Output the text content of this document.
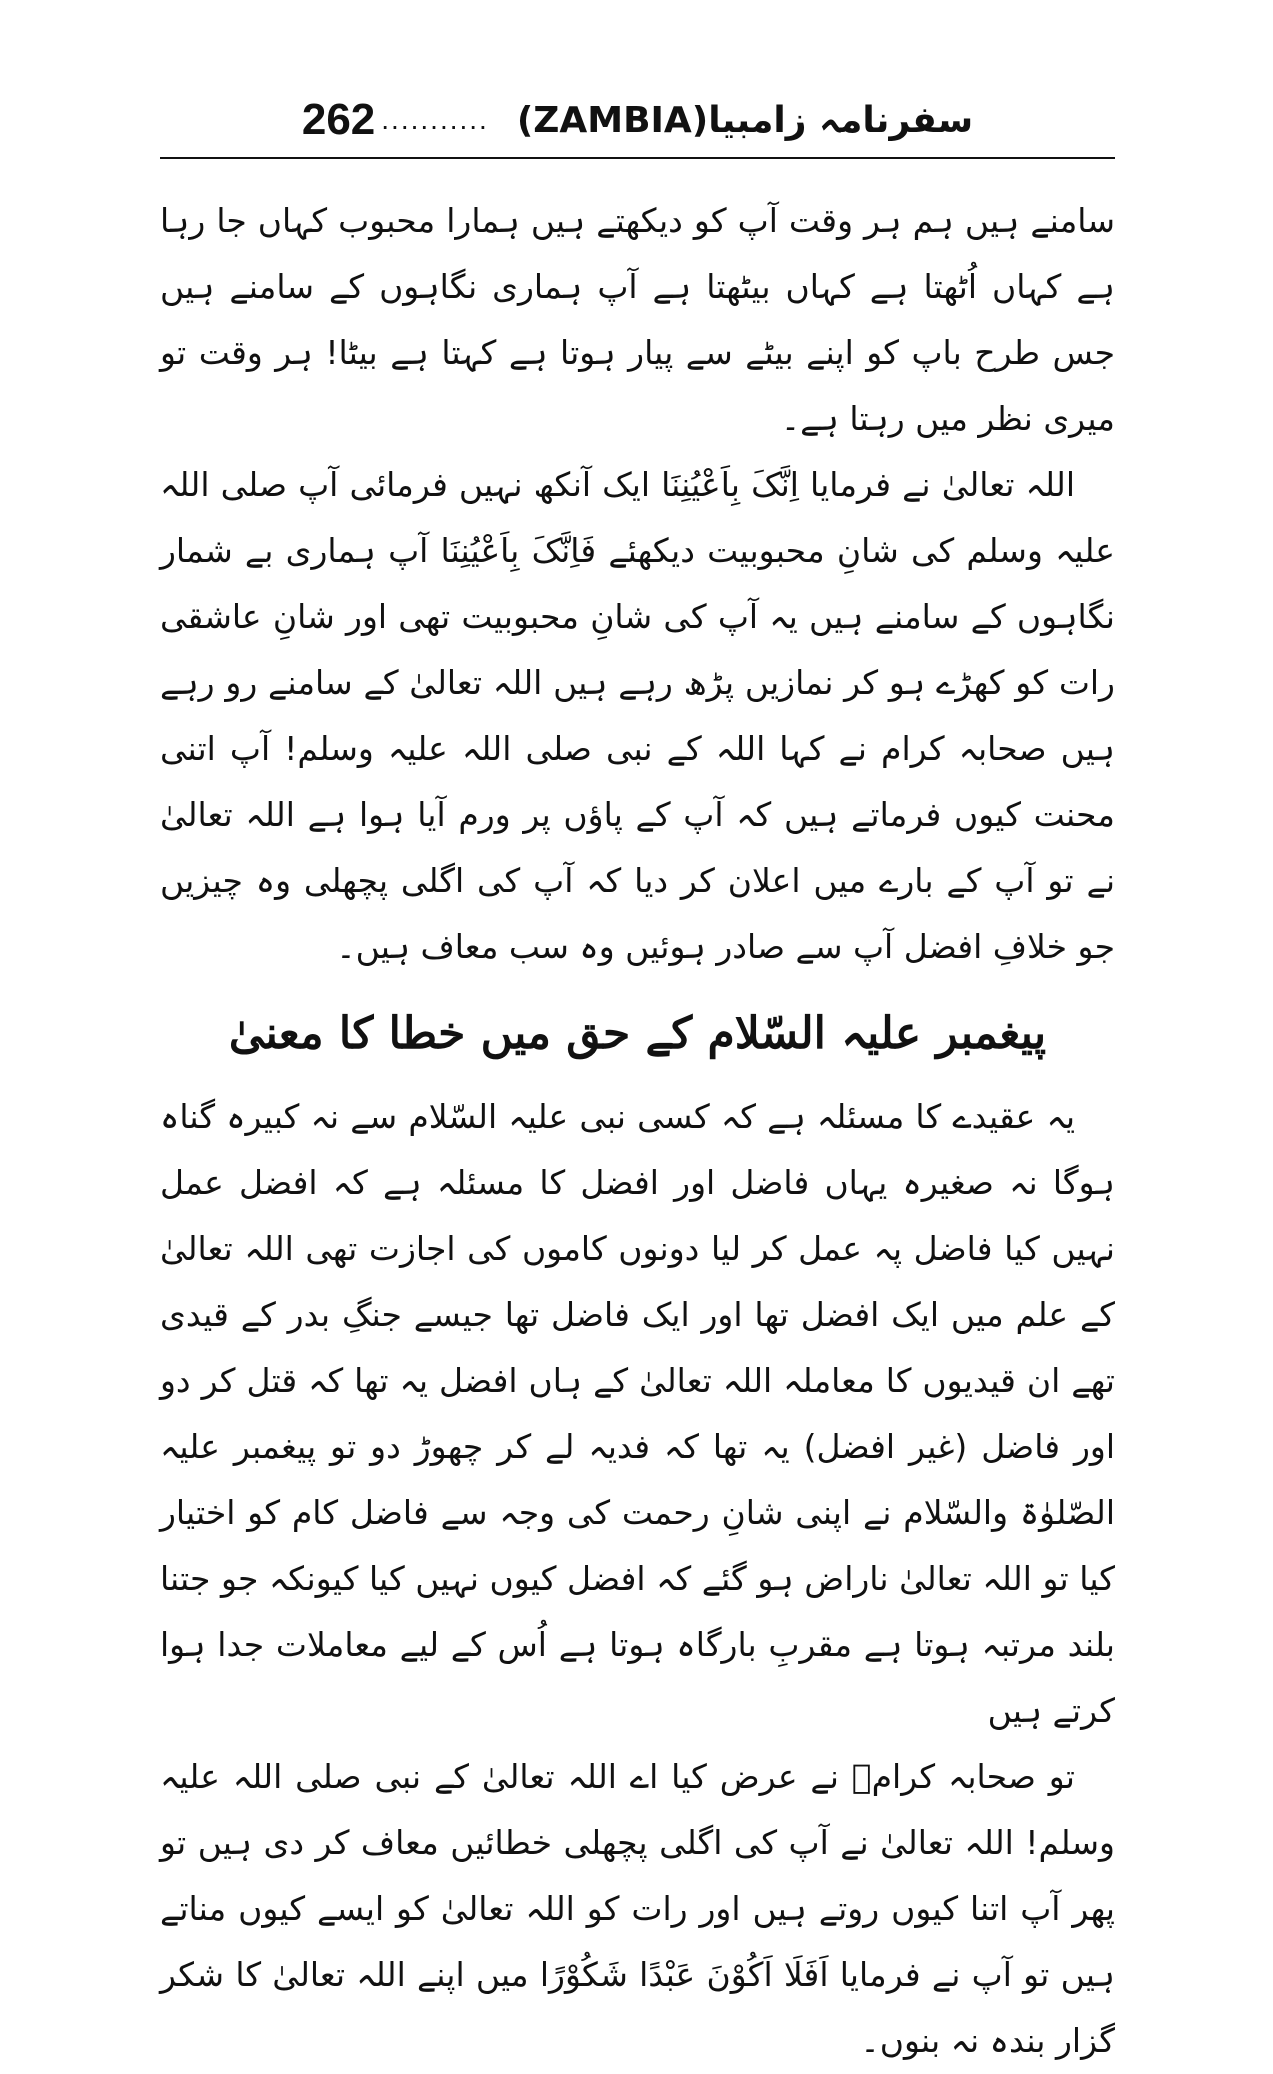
262 ........... سفرنامہ زامبیا(ZAMBIA)

سامنے ہیں ہم ہر وقت آپ کو دیکھتے ہیں ہمارا محبوب کہاں جا رہا ہے کہاں اُٹھتا ہے کہاں بیٹھتا ہے آپ ہماری نگاہوں کے سامنے ہیں جس طرح باپ کو اپنے بیٹے سے پیار ہوتا ہے کہتا ہے بیٹا! ہر وقت تو میری نظر میں رہتا ہے۔

اللہ تعالیٰ نے فرمایا اِنَّکَ بِاَعْیُنِنَا ایک آنکھ نہیں فرمائی آپ صلی اللہ علیہ وسلم کی شانِ محبوبیت دیکھئے فَاِنَّکَ بِاَعْیُنِنَا آپ ہماری بے شمار نگاہوں کے سامنے ہیں یہ آپ کی شانِ محبوبیت تھی اور شانِ عاشقی رات کو کھڑے ہو کر نمازیں پڑھ رہے ہیں اللہ تعالیٰ کے سامنے رو رہے ہیں صحابہ کرام نے کہا اللہ کے نبی صلی اللہ علیہ وسلم! آپ اتنی محنت کیوں فرماتے ہیں کہ آپ کے پاؤں پر ورم آیا ہوا ہے اللہ تعالیٰ نے تو آپ کے بارے میں اعلان کر دیا کہ آپ کی اگلی پچھلی وہ چیزیں جو خلافِ افضل آپ سے صادر ہوئیں وہ سب معاف ہیں۔

پیغمبر علیہ السّلام کے حق میں خطا کا معنیٰ

یہ عقیدے کا مسئلہ ہے کہ کسی نبی علیہ السّلام سے نہ کبیرہ گناہ ہوگا نہ صغیرہ یہاں فاضل اور افضل کا مسئلہ ہے کہ افضل عمل نہیں کیا فاضل پہ عمل کر لیا دونوں کاموں کی اجازت تھی اللہ تعالیٰ کے علم میں ایک افضل تھا اور ایک فاضل تھا جیسے جنگِ بدر کے قیدی تھے ان قیدیوں کا معاملہ اللہ تعالیٰ کے ہاں افضل یہ تھا کہ قتل کر دو اور فاضل (غیر افضل) یہ تھا کہ فدیہ لے کر چھوڑ دو تو پیغمبر علیہ الصّلوٰۃ والسّلام نے اپنی شانِ رحمت کی وجہ سے فاضل کام کو اختیار کیا تو اللہ تعالیٰ ناراض ہو گئے کہ افضل کیوں نہیں کیا کیونکہ جو جتنا بلند مرتبہ ہوتا ہے مقربِ بارگاہ ہوتا ہے اُس کے لیے معاملات جدا ہوا کرتے ہیں

تو صحابہ کرامؓ نے عرض کیا اے اللہ تعالیٰ کے نبی صلی اللہ علیہ وسلم! اللہ تعالیٰ نے آپ کی اگلی پچھلی خطائیں معاف کر دی ہیں تو پھر آپ اتنا کیوں روتے ہیں اور رات کو اللہ تعالیٰ کو ایسے کیوں مناتے ہیں تو آپ نے فرمایا اَفَلَا اَکُوْنَ عَبْدًا شَکُوْرًا میں اپنے اللہ تعالیٰ کا شکر گزار بندہ نہ بنوں۔
